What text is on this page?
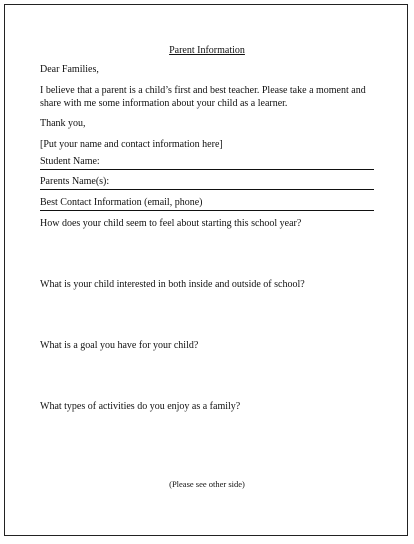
Parent Information
Dear Families,
I believe that a parent is a child’s first and best teacher. Please take a moment and share with me some information about your child as a learner.
Thank you,
[Put your name and contact information here]
Student Name:
Parents Name(s):
Best Contact Information (email, phone)
How does your child seem to feel about starting this school year?
What is your child interested in both inside and outside of school?
What is a goal you have for your child?
What types of activities do you enjoy as a family?
(Please see other side)
